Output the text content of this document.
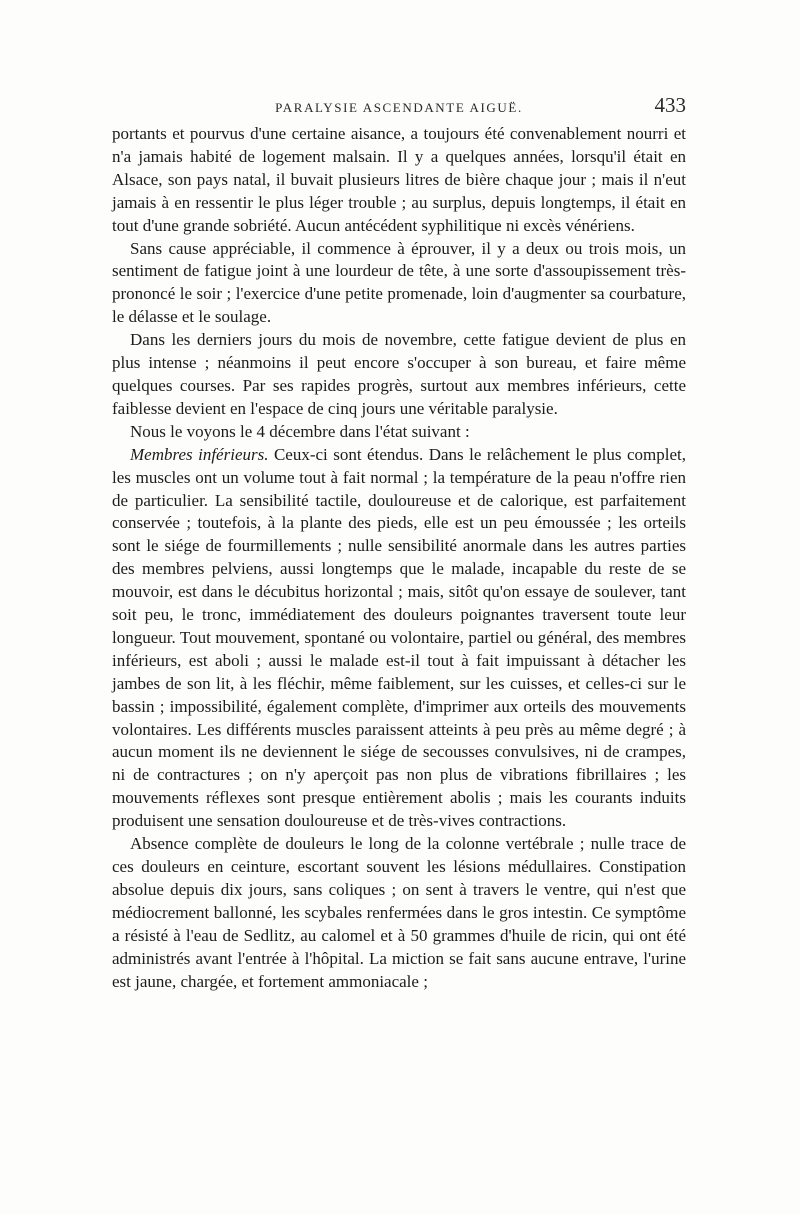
PARALYSIE ASCENDANTE AIGUË.	433

portants et pourvus d'une certaine aisance, a toujours été convenablement nourri et n'a jamais habité de logement malsain. Il y a quelques années, lorsqu'il était en Alsace, son pays natal, il buvait plusieurs litres de bière chaque jour ; mais il n'eut jamais à en ressentir le plus léger trouble ; au surplus, depuis longtemps, il était en tout d'une grande sobriété. Aucun antécédent syphilitique ni excès vénériens.

Sans cause appréciable, il commence à éprouver, il y a deux ou trois mois, un sentiment de fatigue joint à une lourdeur de tête, à une sorte d'assoupissement très-prononcé le soir ; l'exercice d'une petite promenade, loin d'augmenter sa courbature, le délasse et le soulage.

Dans les derniers jours du mois de novembre, cette fatigue devient de plus en plus intense ; néanmoins il peut encore s'occuper à son bureau, et faire même quelques courses. Par ses rapides progrès, surtout aux membres inférieurs, cette faiblesse devient en l'espace de cinq jours une véritable paralysie.

Nous le voyons le 4 décembre dans l'état suivant :

Membres inférieurs. Ceux-ci sont étendus. Dans le relâchement le plus complet, les muscles ont un volume tout à fait normal ; la température de la peau n'offre rien de particulier. La sensibilité tactile, douloureuse et de calorique, est parfaitement conservée ; toutefois, à la plante des pieds, elle est un peu émoussée ; les orteils sont le siége de fourmillements ; nulle sensibilité anormale dans les autres parties des membres pelviens, aussi longtemps que le malade, incapable du reste de se mouvoir, est dans le décubitus horizontal ; mais, sitôt qu'on essaye de soulever, tant soit peu, le tronc, immédiatement des douleurs poignantes traversent toute leur longueur. Tout mouvement, spontané ou volontaire, partiel ou général, des membres inférieurs, est aboli ; aussi le malade est-il tout à fait impuissant à détacher les jambes de son lit, à les fléchir, même faiblement, sur les cuisses, et celles-ci sur le bassin ; impossibilité, également complète, d'imprimer aux orteils des mouvements volontaires. Les différents muscles paraissent atteints à peu près au même degré ; à aucun moment ils ne deviennent le siége de secousses convulsives, ni de crampes, ni de contractures ; on n'y aperçoit pas non plus de vibrations fibrillaires ; les mouvements réflexes sont presque entièrement abolis ; mais les courants induits produisent une sensation douloureuse et de très-vives contractions.

Absence complète de douleurs le long de la colonne vertébrale ; nulle trace de ces douleurs en ceinture, escortant souvent les lésions médullaires. Constipation absolue depuis dix jours, sans coliques ; on sent à travers le ventre, qui n'est que médiocrement ballonné, les scybales renfermées dans le gros intestin. Ce symptôme a résisté à l'eau de Sedlitz, au calomel et à 50 grammes d'huile de ricin, qui ont été administrés avant l'entrée à l'hôpital. La miction se fait sans aucune entrave, l'urine est jaune, chargée, et fortement ammoniacale ;
